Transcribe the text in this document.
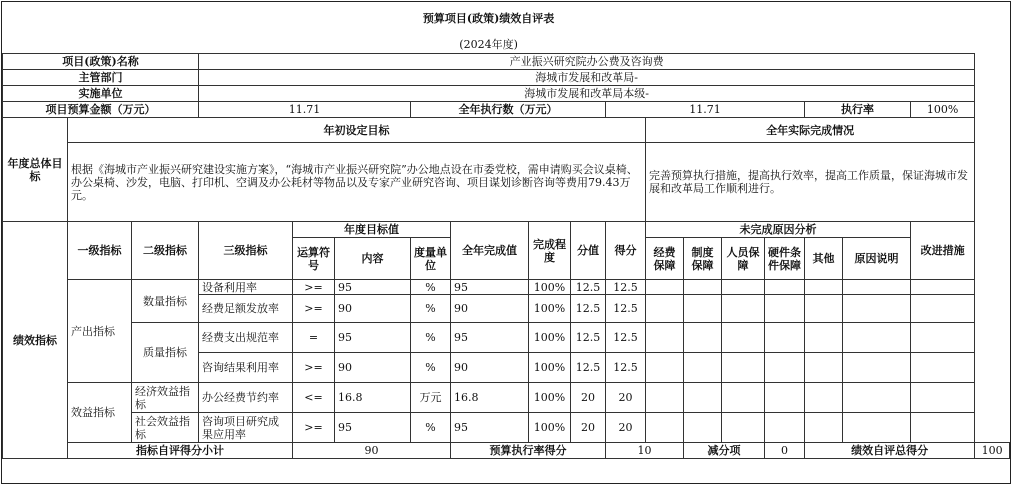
预算项目(政策)绩效自评表																		
(2024年度)																		
项目(政策)名称			产业振兴研究院办公费及咨询费															
主管部门			海城市发展和改革局-															
实施单位			海城市发展和改革局本级-															
项目预算金额（万元）			11.71			全年执行数（万元）				11.71					执行率		100%	
年度总体目标	年初设定目标										全年实际完成情况							
	根据《海城市产业振兴研究建设实施方案》，“海城市产业振兴研究院”办公地点设在市委党校，需申请购买会议桌椅、办公桌椅、沙发，电脑、打印机、空调及办公耗材等物品以及专家产业研究咨询、项目谋划诊断咨询等费用79.43万元。										完善预算执行措施，提高执行效率，提高工作质量，保证海城市发展和改革局工作顺利进行。							
绩效指标	一级指标	二级指标	三级指标	年度目标值			全年完成值	完成程度	分值	得分	未完成原因分析						改进措施	
				运算符号	内容	度量单位					经费保障	制度保障	人员保障	硬件条件保障	其他	原因说明		
	产出指标	数量指标	设备利用率	>=	95	%	95	100%	12.5	12.5								
			经费足额发放率	>=	90	%	90	100%	12.5	12.5								
		质量指标	经费支出规范率	=	95	%	95	100%	12.5	12.5								
			咨询结果利用率	>=	90	%	90	100%	12.5	12.5								
	效益指标	经济效益指标	办公经费节约率	<=	16.8	万元	16.8	100%	20	20								
		社会效益指标	咨询项目研究成果应用率	>=	95	%	95	100%	20	20								
	指标自评得分小计			90			预算执行率得分			10		减分项		0	绩效自评总得分			100
